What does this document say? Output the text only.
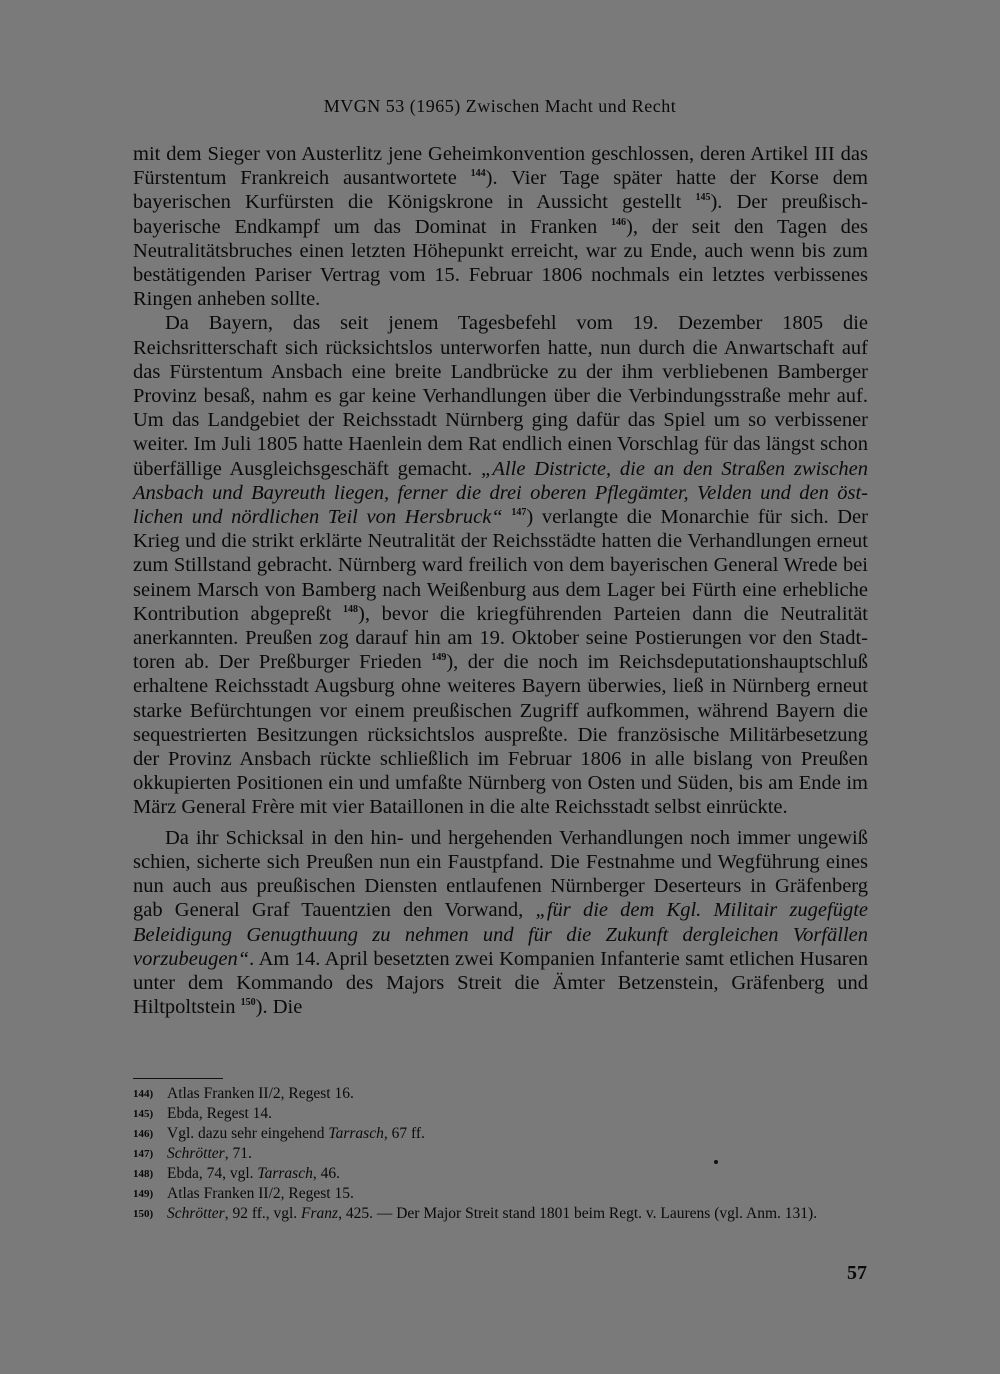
MVGN 53 (1965) Zwischen Macht und Recht

mit dem Sieger von Austerlitz jene Geheimkonvention geschlossen, deren Artikel III das Fürstentum Frankreich ausantwortete $^{144}$). Vier Tage später hatte der Korse dem bayerischen Kurfürsten die Königskrone in Aussicht gestellt $^{145}$). Der preußisch-bayerische Endkampf um das Dominat in Franken $^{146}$), der seit den Tagen des Neutralitätsbruches einen letzten Höhepunkt erreicht, war zu Ende, auch wenn bis zum bestätigenden Pariser Vertrag vom 15. Februar 1806 nochmals ein letztes verbissenes Ringen anheben sollte.

Da Bayern, das seit jenem Tagesbefehl vom 19. Dezember 1805 die Reichsritterschaft sich rücksichtslos unterworfen hatte, nun durch die Anwartschaft auf das Fürstentum Ansbach eine breite Landbrücke zu der ihm verbliebenen Bamberger Provinz besaß, nahm es gar keine Verhandlungen über die Verbindungsstraße mehr auf. Um das Landgebiet der Reichsstadt Nürnberg ging dafür das Spiel um so verbissener weiter. Im Juli 1805 hatte Haenlein dem Rat endlich einen Vorschlag für das längst schon überfällige Ausgleichsgeschäft gemacht. „Alle Districte, die an den Straßen zwischen Ansbach und Bayreuth liegen, ferner die drei oberen Pflegämter, Velden und den östlichen und nördlichen Teil von Hersbruck“ $^{147}$) verlangte die Monarchie für sich. Der Krieg und die strikt erklärte Neutralität der Reichsstädte hatten die Verhandlungen erneut zum Stillstand gebracht. Nürnberg ward freilich von dem bayerischen General Wrede bei seinem Marsch von Bamberg nach Weißenburg aus dem Lager bei Fürth eine erhebliche Kontribution abgepreßt $^{148}$), bevor die kriegführenden Parteien dann die Neutralität anerkannten. Preußen zog darauf hin am 19. Oktober seine Postierungen vor den Stadttoren ab. Der Preßburger Frieden $^{149}$), der die noch im Reichsdeputationshauptschluß erhaltene Reichsstadt Augsburg ohne weiteres Bayern überwies, ließ in Nürnberg erneut starke Befürchtungen vor einem preußischen Zugriff aufkommen, während Bayern die sequestrierten Besitzungen rücksichtslos auspreßte. Die französische Militärbesetzung der Provinz Ansbach rückte schließlich im Februar 1806 in alle bislang von Preußen okkupierten Positionen ein und umfaßte Nürnberg von Osten und Süden, bis am Ende im März General Frère mit vier Bataillonen in die alte Reichsstadt selbst einrückte.

Da ihr Schicksal in den hin- und hergehenden Verhandlungen noch immer ungewiß schien, sicherte sich Preußen nun ein Faustpfand. Die Festnahme und Wegführung eines nun auch aus preußischen Diensten entlaufenen Nürnberger Deserteurs in Gräfenberg gab General Graf Tauentzien den Vorwand, „für die dem Kgl. Militair zugefügte Beleidigung Genugthuung zu nehmen und für die Zukunft dergleichen Vorfällen vorzubeugen“. Am 14. April besetzten zwei Kompanien Infanterie samt etlichen Husaren unter dem Kommando des Majors Streit die Ämter Betzenstein, Gräfenberg und Hiltpoltstein $^{150}$). Die

144) Atlas Franken II/2, Regest 16.
145) Ebda, Regest 14.
146) Vgl. dazu sehr eingehend Tarrasch, 67 ff.
147) Schrötter, 71.
148) Ebda, 74, vgl. Tarrasch, 46.
149) Atlas Franken II/2, Regest 15.
150) Schrötter, 92 ff., vgl. Franz, 425. — Der Major Streit stand 1801 beim Regt. v. Laurens (vgl. Anm. 131).
57
